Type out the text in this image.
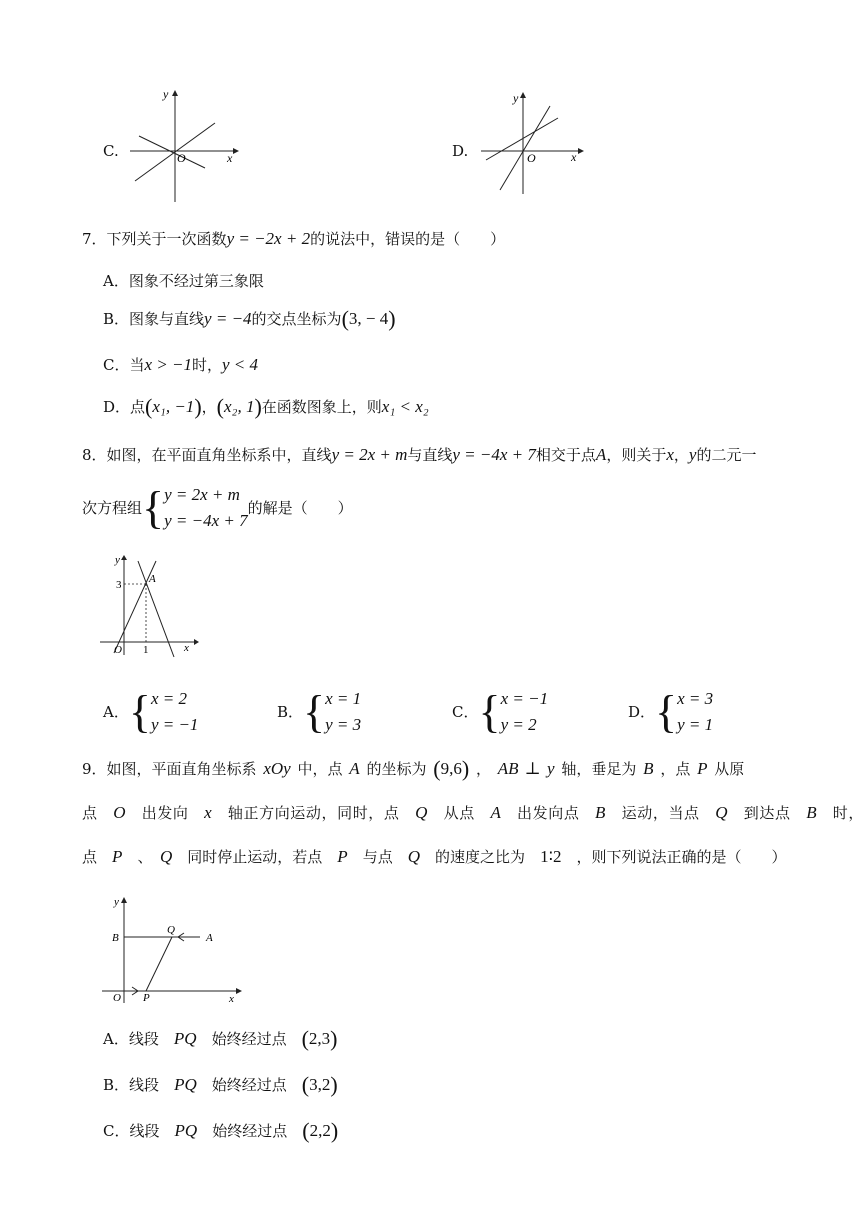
C.
y
x
O	D.
y
x
O
7．下列关于一次函数y = −2x + 2的说法中，错误的是（　　）
A．图象不经过第三象限
B．图象与直线y = −4的交点坐标为(3, − 4)
C．当x > −1时，y < 4
D．点(x₁, −1)，(x₂, 1)在函数图象上，则x₁ < x₂
8．如图，在平面直角坐标系中，直线y = 2x + m与直线y = −4x + 7相交于点A，则关于x，y的二元一
次方程组{ y = 2x + m
y = −4x + 7
的解是（　　）
y
x
O
3
1
A
A．{ x = 2
y = −1
B．{ x = 1
y = 3
C．{ x = −1
y = 2
D．{ x = 3
y = 1
9．如图，平面直角坐标系 xOy 中，点 A 的坐标为 (9,6) ， AB ⊥ y 轴，垂足为 B ，点 P 从原
点　 O　 出发向　 x　 轴正方向运动，同时，点　 Q　 从点　 A　 出发向点　 B　 运动，当点　 Q　 到达点　 B　 时，
点　 P　 、　 Q　 同时停止运动，若点　 P　 与点　 Q　 的速度之比为　 1∶2　 ，则下列说法正确的是（　　）
y
x
O
B
Q
A
P
A．线段　 PQ　 始终经过点　 (2,3)
B．线段　 PQ　 始终经过点　 (3,2)
C．线段　 PQ　 始终经过点　 (2,2)
